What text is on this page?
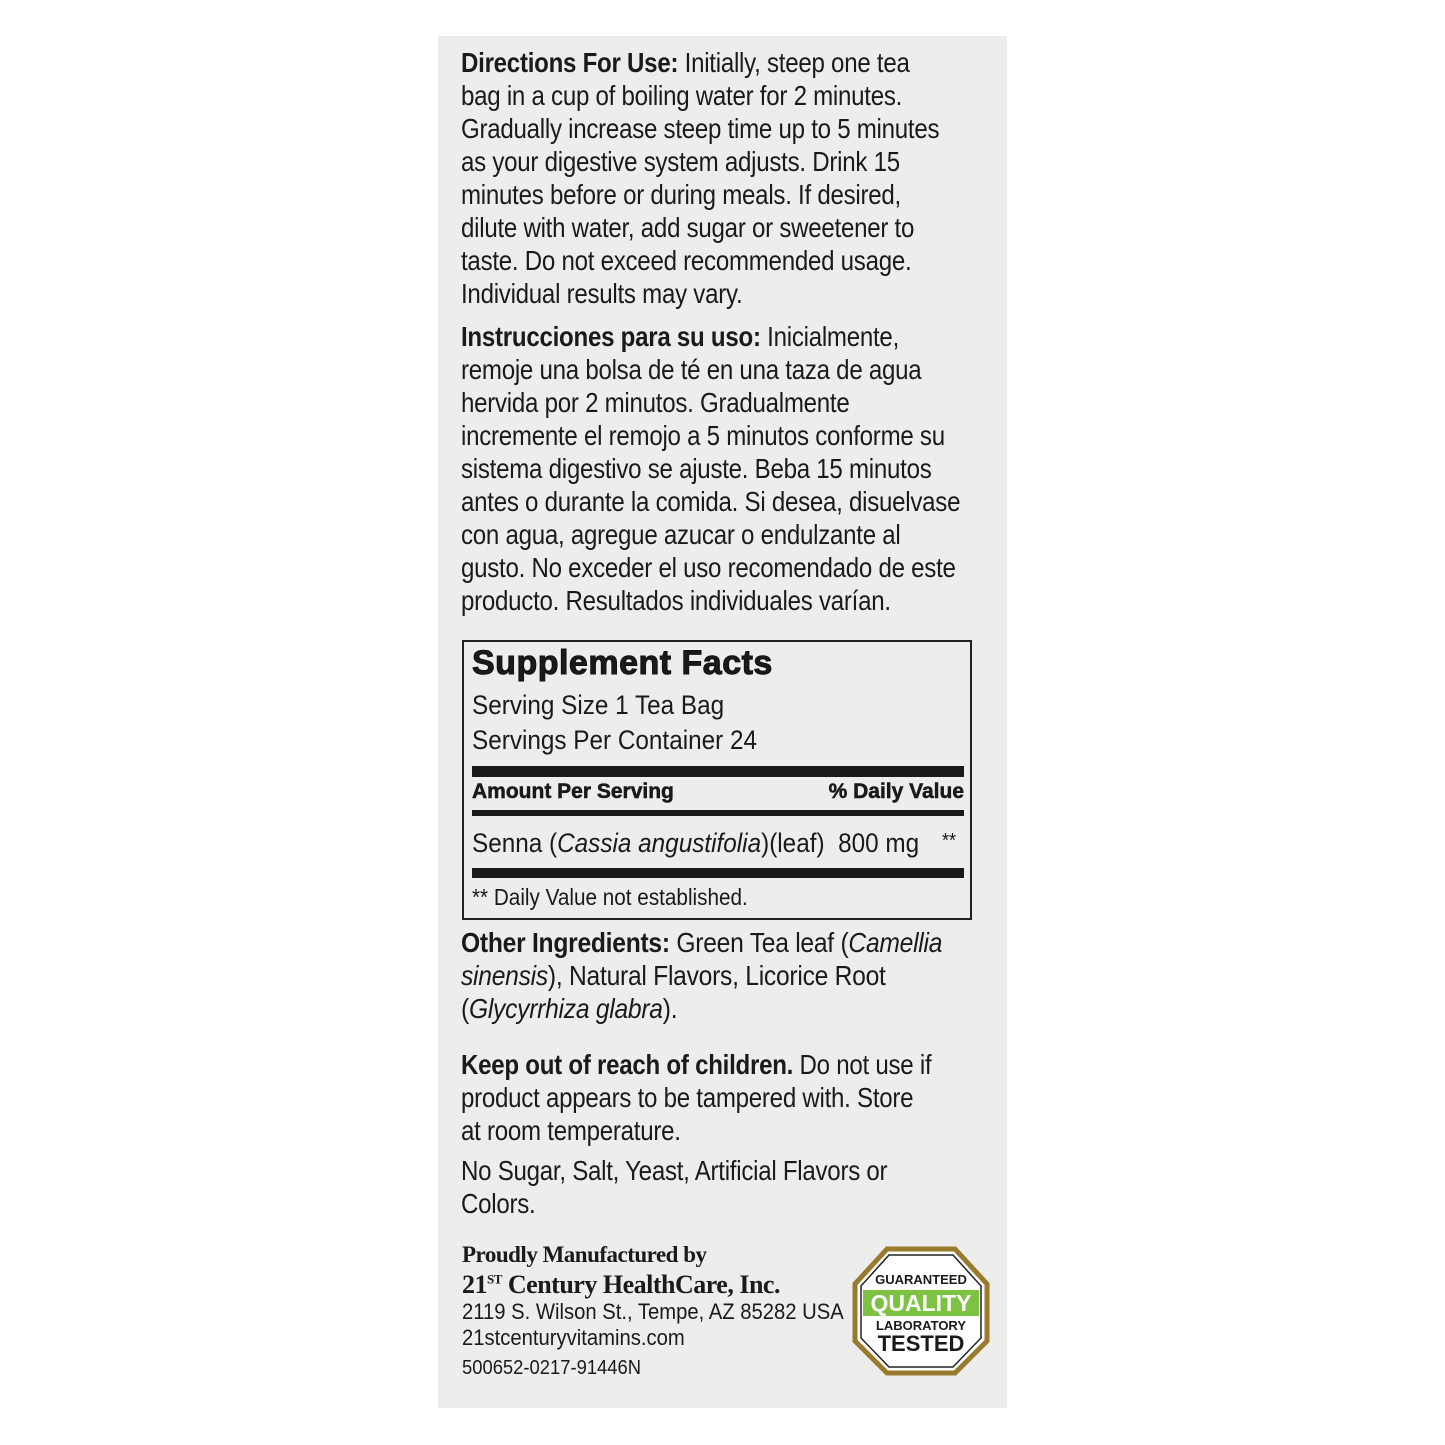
Directions For Use: Initially, steep one tea
bag in a cup of boiling water for 2 minutes.
Gradually increase steep time up to 5 minutes
as your digestive system adjusts. Drink 15
minutes before or during meals. If desired,
dilute with water, add sugar or sweetener to
taste. Do not exceed recommended usage.
Individual results may vary.
Instrucciones para su uso: Inicialmente,
remoje una bolsa de té en una taza de agua
hervida por 2 minutos. Gradualmente
incremente el remojo a 5 minutos conforme su
sistema digestivo se ajuste. Beba 15 minutos
antes o durante la comida. Si desea, disuelvase
con agua, agregue azucar o endulzante al
gusto. No exceder el uso recomendado de este
producto. Resultados individuales varían.
Supplement Facts
Serving Size 1 Tea Bag
Servings Per Container 24
Amount Per Serving	% Daily Value
Senna (Cassia angustifolia)(leaf) 800 mg **
** Daily Value not established.
Other Ingredients: Green Tea leaf (Camellia
sinensis), Natural Flavors, Licorice Root
(Glycyrrhiza glabra).
Keep out of reach of children. Do not use if
product appears to be tampered with. Store
at room temperature.
No Sugar, Salt, Yeast, Artificial Flavors or
Colors.
Proudly Manufactured by
21ST Century HealthCare, Inc.
2119 S. Wilson St., Tempe, AZ 85282 USA
21stcenturyvitamins.com
500652-0217-91446N
GUARANTEED
QUALITY
LABORATORY
TESTED
